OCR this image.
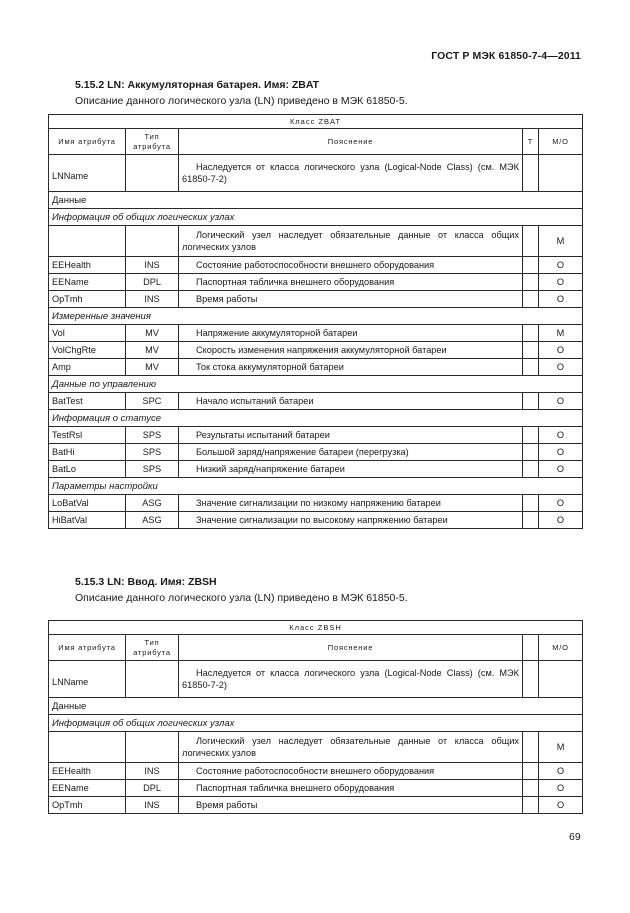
ГОСТ Р МЭК 61850-7-4—2011
5.15.2 LN: Аккумуляторная батарея. Имя: ZBAT
Описание данного логического узла (LN) приведено в МЭК 61850-5.
Класс ZBAT				
Имя атрибута	Тип атрибута	Пояснение	T	M/O
LNName		Наследуется от класса логического узла (Logical-Node Class) (см. МЭК 61850-7-2)		
Данные				
Информация об общих логических узлах				
		Логический узел наследует обязательные данные от класса общих логических узлов		M
EEHealth	INS	Состояние работоспособности внешнего оборудования		O
EEName	DPL	Паспортная табличка внешнего оборудования		O
OpTmh	INS	Время работы		O
Измеренные значения				
Vol	MV	Напряжение аккумуляторной батареи		M
VolChgRte	MV	Скорость изменения напряжения аккумуляторной батареи		O
Amp	MV	Ток стока аккумуляторной батареи		O
Данные по управлению				
BatTest	SPC	Начало испытаний батареи		O
Информация о статусе				
TestRsl	SPS	Результаты испытаний батареи		O
BatHi	SPS	Большой заряд/напряжение батареи (перегрузка)		O
BatLo	SPS	Низкий заряд/напряжение батареи		O
Параметры настройки				
LoBatVal	ASG	Значение сигнализации по низкому напряжению батареи		O
HiBatVal	ASG	Значение сигнализации по высокому напряжению батареи		O
5.15.3 LN: Ввод. Имя: ZBSH
Описание данного логического узла (LN) приведено в МЭК 61850-5.
Класс ZBSH				
Имя атрибута	Тип атрибута	Пояснение		M/O
LNName		Наследуется от класса логического узла (Logical-Node Class) (см. МЭК 61850-7-2)		
Данные				
Информация об общих логических узлах				
		Логический узел наследует обязательные данные от класса общих логических узлов		M
EEHealth	INS	Состояние работоспособности внешнего оборудования		O
EEName	DPL	Паспортная табличка внешнего оборудования		O
OpTmh	INS	Время работы		O
69
